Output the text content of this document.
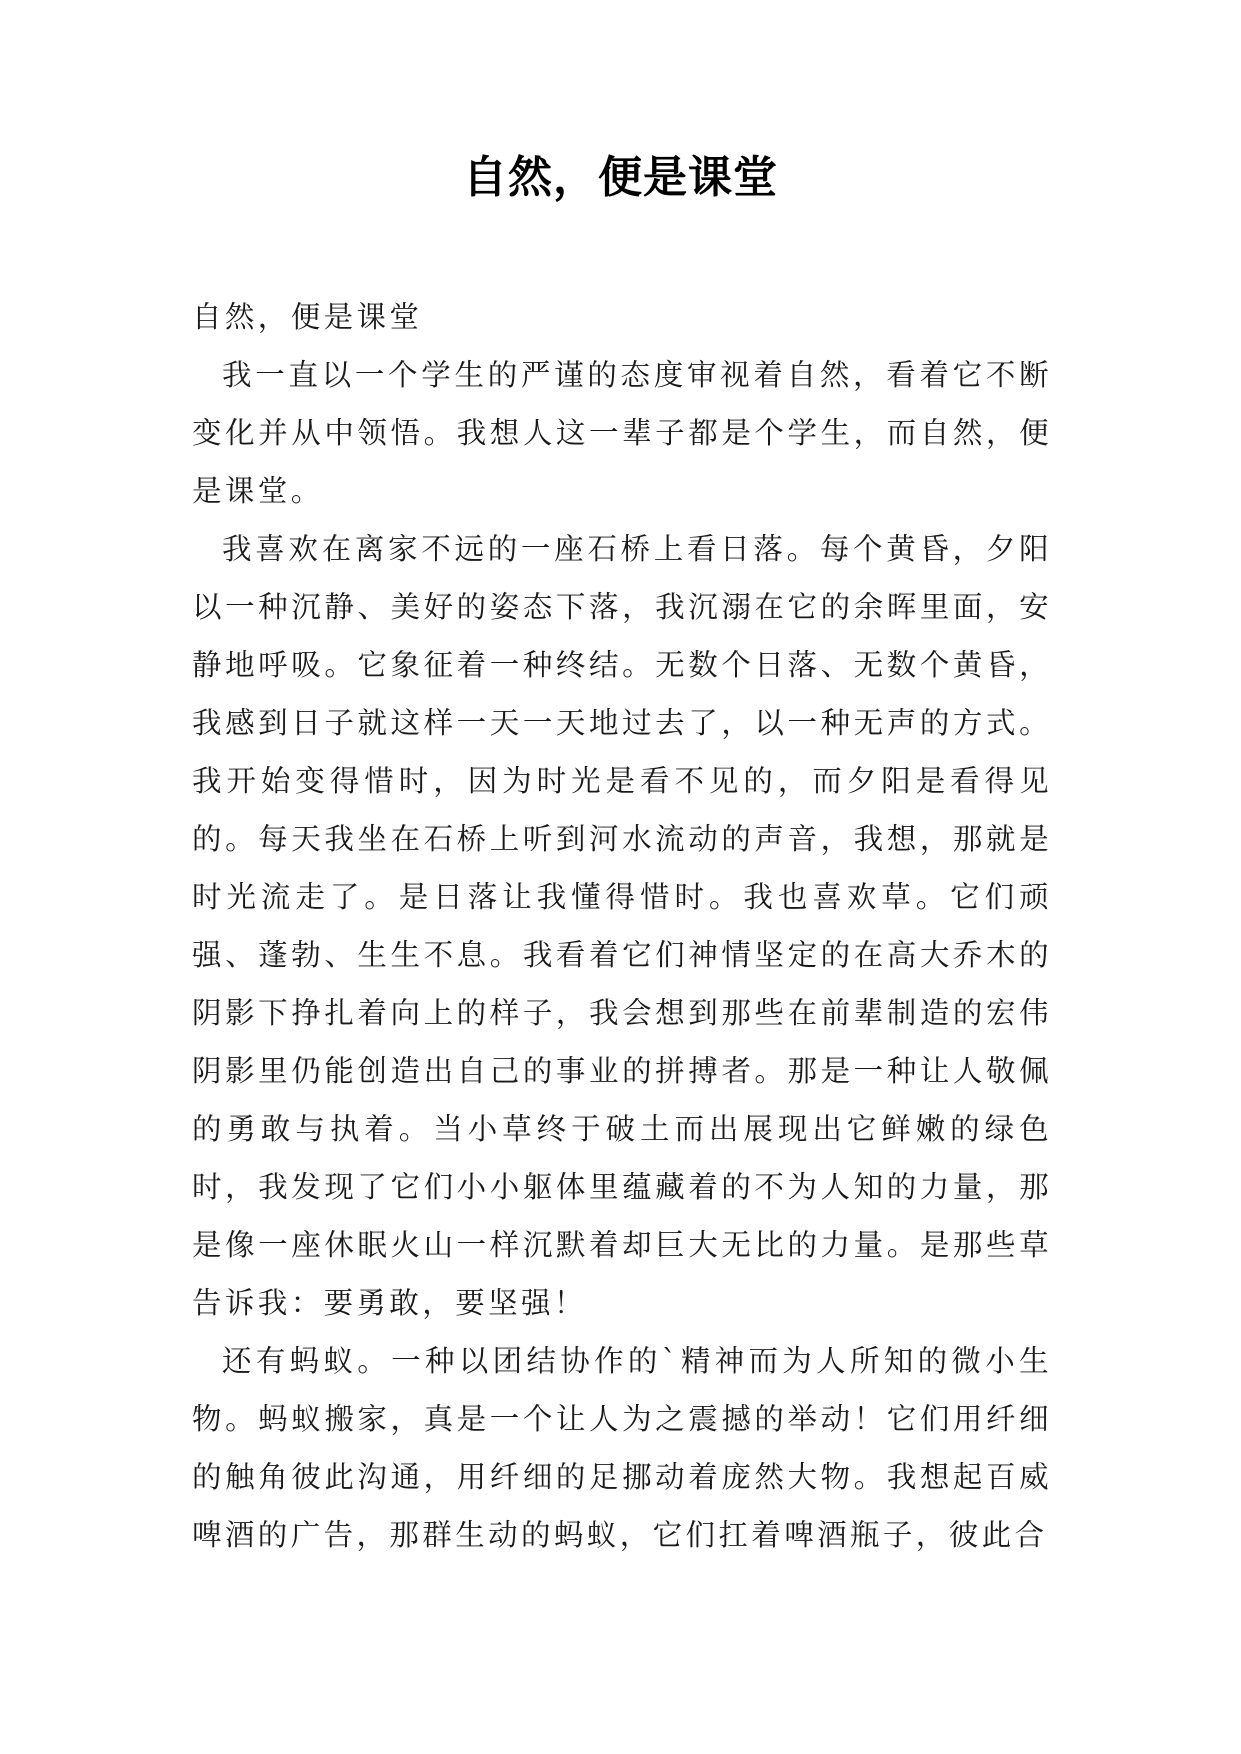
自然，便是课堂

自然，便是课堂

我一直以一个学生的严谨的态度审视着自然，看着它不断变化并从中领悟。我想人这一辈子都是个学生，而自然，便是课堂。

我喜欢在离家不远的一座石桥上看日落。每个黄昏，夕阳以一种沉静、美好的姿态下落，我沉溺在它的余晖里面，安静地呼吸。它象征着一种终结。无数个日落、无数个黄昏，我感到日子就这样一天一天地过去了，以一种无声的方式。我开始变得惜时，因为时光是看不见的，而夕阳是看得见的。每天我坐在石桥上听到河水流动的声音，我想，那就是时光流走了。是日落让我懂得惜时。我也喜欢草。它们顽强、蓬勃、生生不息。我看着它们神情坚定的在高大乔木的阴影下挣扎着向上的样子，我会想到那些在前辈制造的宏伟阴影里仍能创造出自己的事业的拼搏者。那是一种让人敬佩的勇敢与执着。当小草终于破土而出展现出它鲜嫩的绿色时，我发现了它们小小躯体里蕴藏着的不为人知的力量，那是像一座休眠火山一样沉默着却巨大无比的力量。是那些草告诉我：要勇敢，要坚强！

还有蚂蚁。一种以团结协作的`精神而为人所知的微小生物。蚂蚁搬家，真是一个让人为之震撼的举动！它们用纤细的触角彼此沟通，用纤细的足挪动着庞然大物。我想起百威啤酒的广告，那群生动的蚂蚁，它们扛着啤酒瓶子，彼此合
